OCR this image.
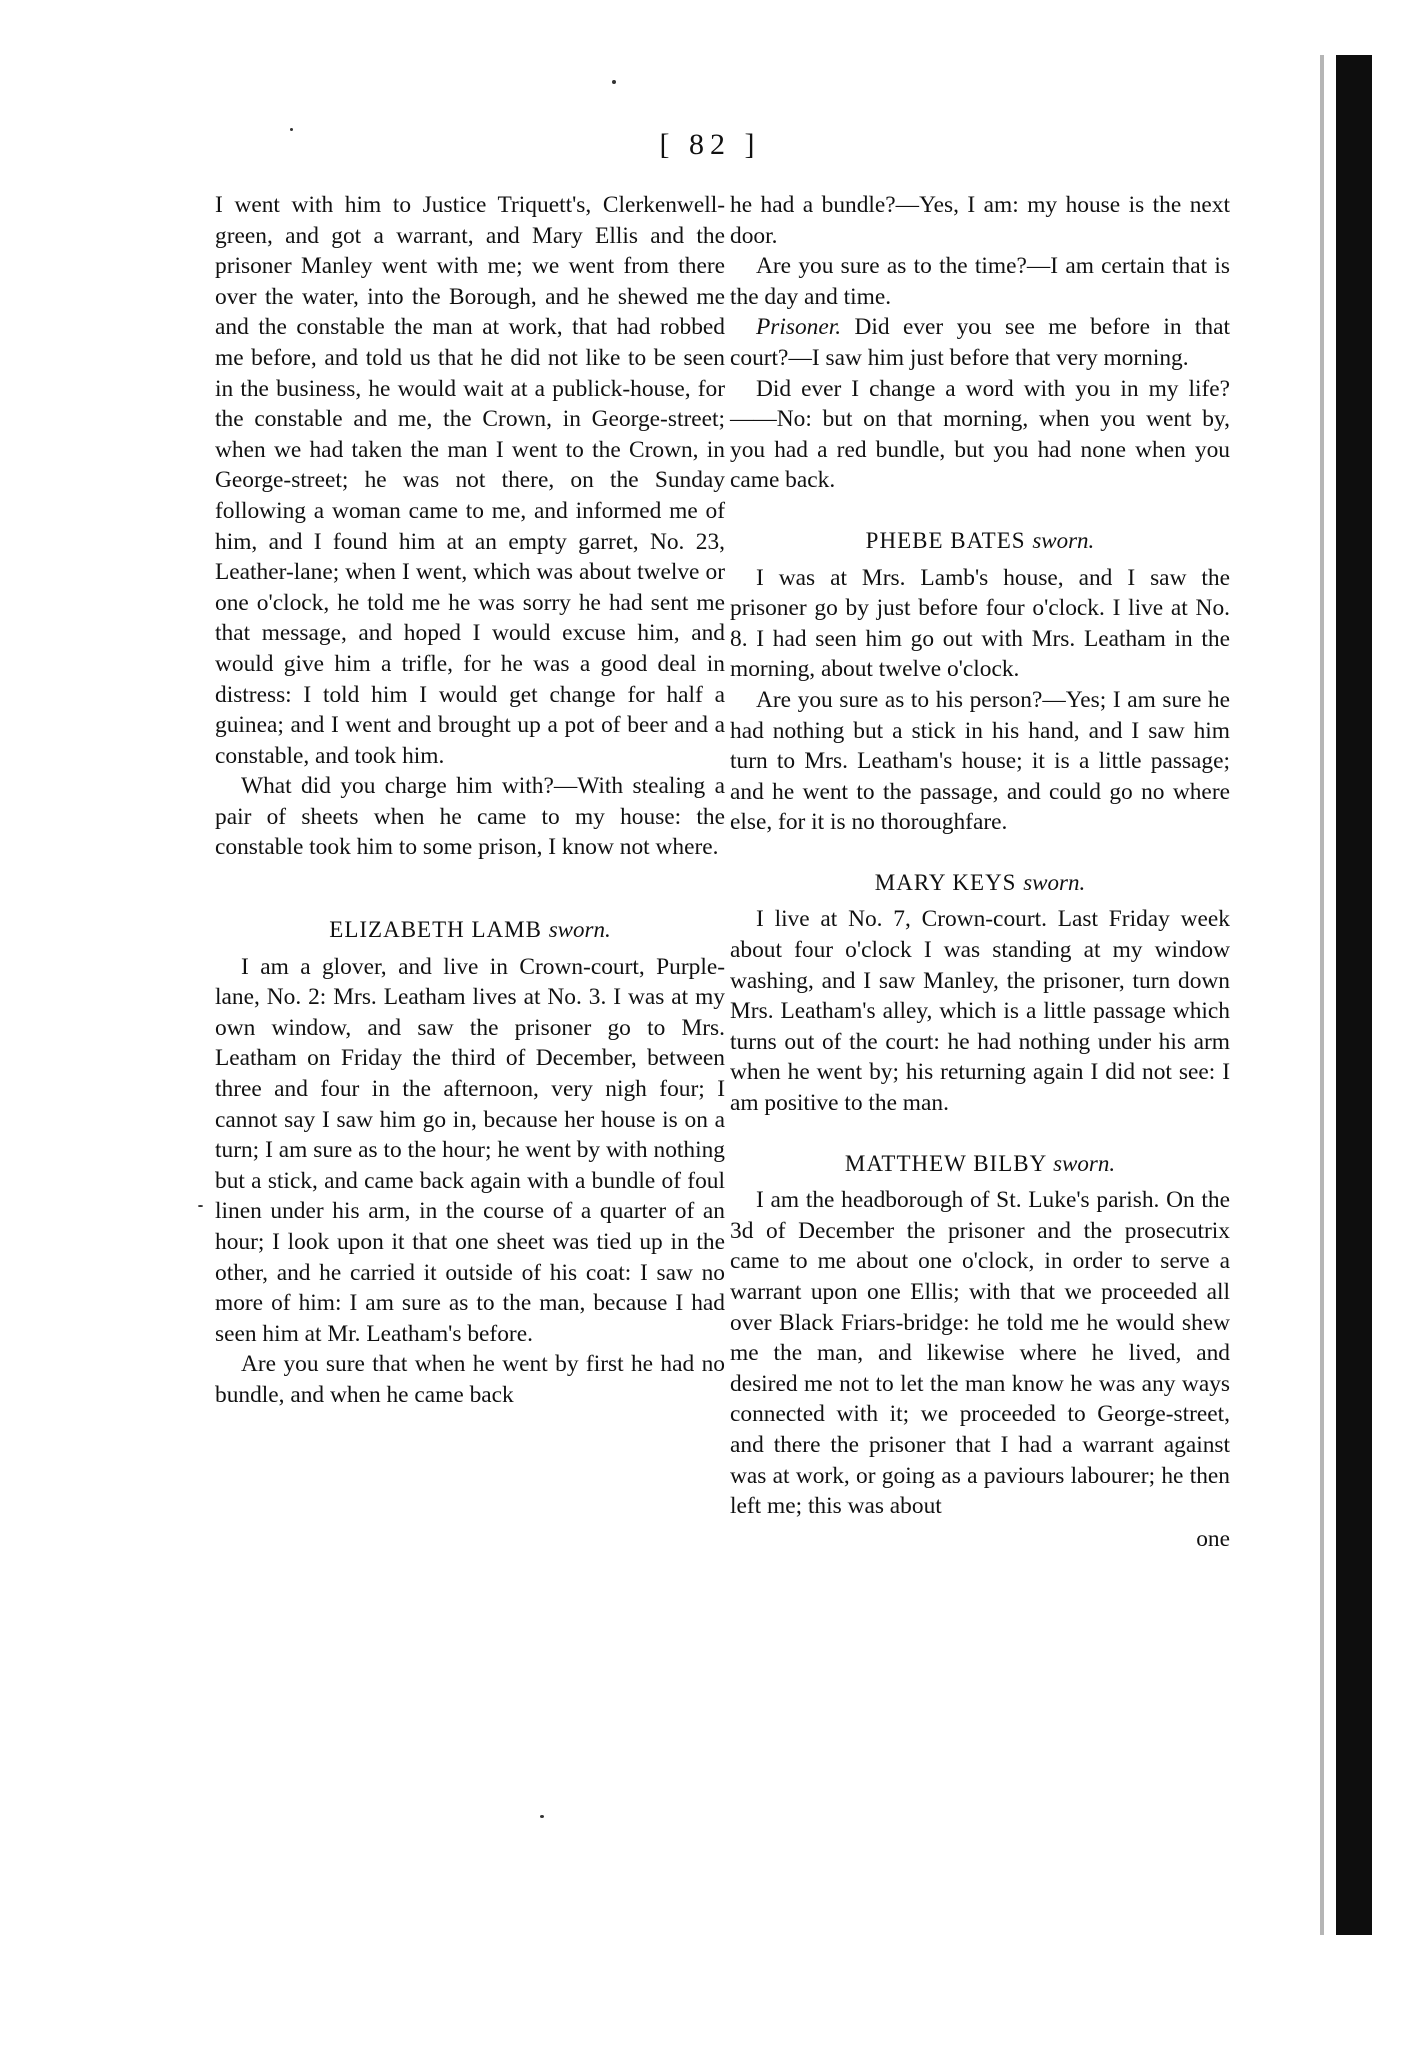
[ 82 ]

I went with him to Justice Triquett's, Clerkenwell-green, and got a warrant, and Mary Ellis and the prisoner Manley went with me; we went from there over the water, into the Borough, and he shewed me and the constable the man at work, that had robbed me before, and told us that he did not like to be seen in the business, he would wait at a publick-house, for the constable and me, the Crown, in George-street; when we had taken the man I went to the Crown, in George-street; he was not there, on the Sunday following a woman came to me, and informed me of him, and I found him at an empty garret, No. 23, Leather-lane; when I went, which was about twelve or one o'clock, he told me he was sorry he had sent me that message, and hoped I would excuse him, and would give him a trifle, for he was a good deal in distress: I told him I would get change for half a guinea; and I went and brought up a pot of beer and a constable, and took him.

What did you charge him with?—With stealing a pair of sheets when he came to my house: the constable took him to some prison, I know not where.

ELIZABETH LAMB sworn.

I am a glover, and live in Crown-court, Purple-lane, No. 2: Mrs. Leatham lives at No. 3. I was at my own window, and saw the prisoner go to Mrs. Leatham on Friday the third of December, between three and four in the afternoon, very nigh four; I cannot say I saw him go in, because her house is on a turn; I am sure as to the hour; he went by with nothing but a stick, and came back again with a bundle of foul linen under his arm, in the course of a quarter of an hour; I look upon it that one sheet was tied up in the other, and he carried it outside of his coat: I saw no more of him: I am sure as to the man, because I had seen him at Mr. Leatham's before.

Are you sure that when he went by first he had no bundle, and when he came back

he had a bundle?—Yes, I am: my house is the next door.

Are you sure as to the time?—I am certain that is the day and time.

Prisoner. Did ever you see me before in that court?—I saw him just before that very morning.

Did ever I change a word with you in my life?——No: but on that morning, when you went by, you had a red bundle, but you had none when you came back.

PHEBE BATES sworn.

I was at Mrs. Lamb's house, and I saw the prisoner go by just before four o'clock. I live at No. 8. I had seen him go out with Mrs. Leatham in the morning, about twelve o'clock.

Are you sure as to his person?—Yes; I am sure he had nothing but a stick in his hand, and I saw him turn to Mrs. Leatham's house; it is a little passage; and he went to the passage, and could go no where else, for it is no thoroughfare.

MARY KEYS sworn.

I live at No. 7, Crown-court. Last Friday week about four o'clock I was standing at my window washing, and I saw Manley, the prisoner, turn down Mrs. Leatham's alley, which is a little passage which turns out of the court: he had nothing under his arm when he went by; his returning again I did not see: I am positive to the man.

MATTHEW BILBY sworn.

I am the headborough of St. Luke's parish. On the 3d of December the prisoner and the prosecutrix came to me about one o'clock, in order to serve a warrant upon one Ellis; with that we proceeded all over Black Friars-bridge: he told me he would shew me the man, and likewise where he lived, and desired me not to let the man know he was any ways connected with it; we proceeded to George-street, and there the prisoner that I had a warrant against was at work, or going as a paviours labourer; he then left me; this was about

one
